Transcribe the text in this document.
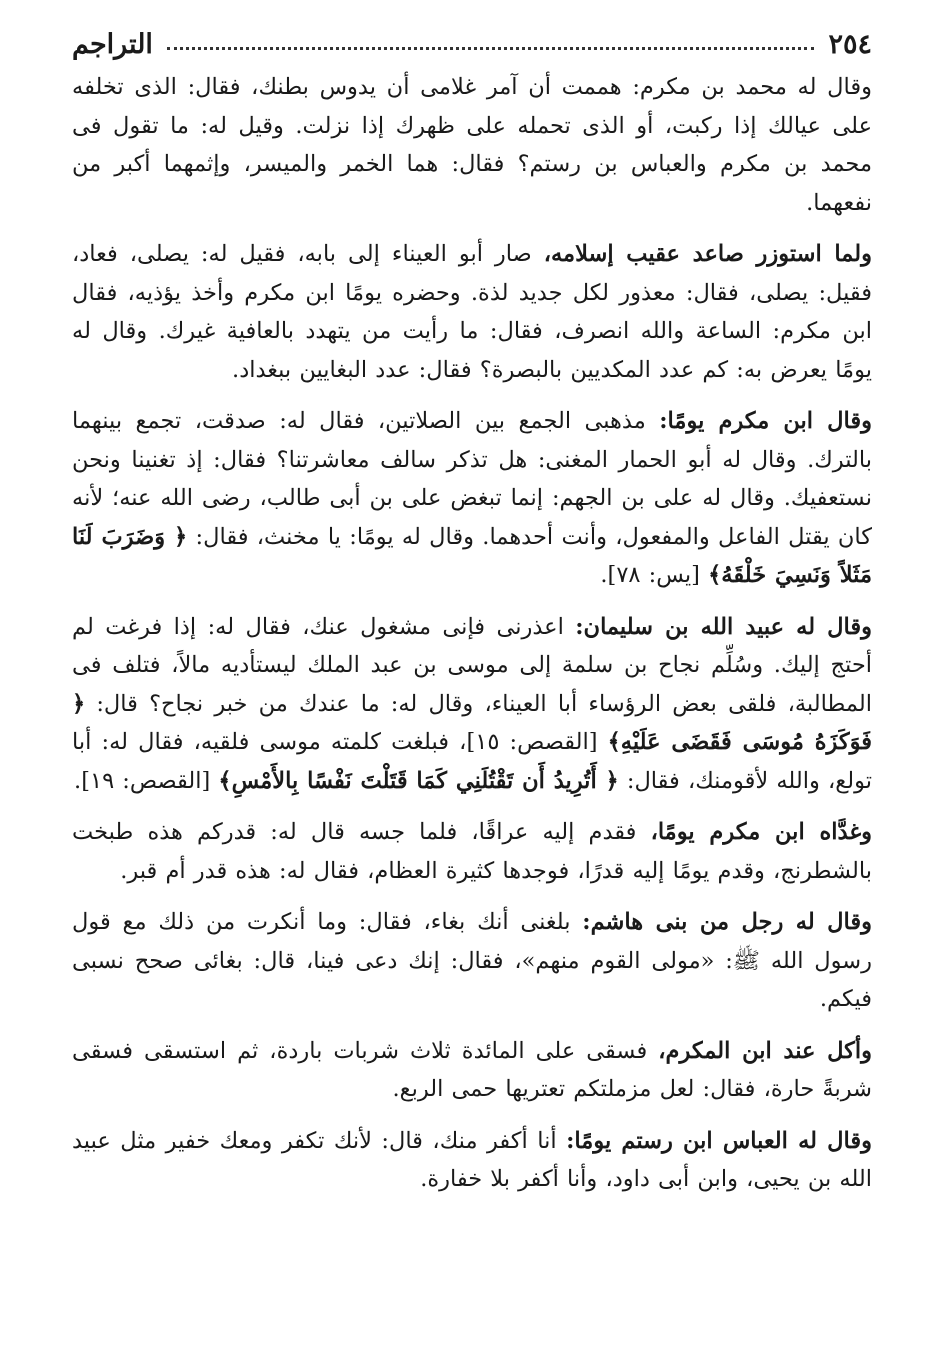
٢٥٤
التراجم

وقال له محمد بن مكرم: هممت أن آمر غلامى أن يدوس بطنك، فقال: الذى تخلفه على عيالك إذا ركبت، أو الذى تحمله على ظهرك إذا نزلت. وقيل له: ما تقول فى محمد بن مكرم والعباس بن رستم؟ فقال: هما الخمر والميسر، وإثمهما أكبر من نفعهما.

ولما استوزر صاعد عقيب إسلامه، صار أبو العيناء إلى بابه، فقيل له: يصلى، فعاد، فقيل: يصلى، فقال: معذور لكل جديد لذة. وحضره يومًا ابن مكرم وأخذ يؤذيه، فقال ابن مكرم: الساعة والله انصرف، فقال: ما رأيت من يتهدد بالعافية غيرك. وقال له يومًا يعرض به: كم عدد المكديين بالبصرة؟ فقال: عدد البغايين ببغداد.

وقال ابن مكرم يومًا: مذهبى الجمع بين الصلاتين، فقال له: صدقت، تجمع بينهما بالترك. وقال له أبو الحمار المغنى: هل تذكر سالف معاشرتنا؟ فقال: إذ تغنينا ونحن نستعفيك. وقال له على بن الجهم: إنما تبغض على بن أبى طالب، رضى الله عنه؛ لأنه كان يقتل الفاعل والمفعول، وأنت أحدهما. وقال له يومًا: يا مخنث، فقال: ﴿ وَضَرَبَ لَنَا مَثَلاً وَنَسِيَ خَلْقَهُ﴾ [يس: ٧٨].

وقال له عبيد الله بن سليمان: اعذرنى فإنى مشغول عنك، فقال له: إذا فرغت لم أحتج إليك. وسُلِّم نجاح بن سلمة إلى موسى بن عبد الملك ليستأديه مالاً، فتلف فى المطالبة، فلقى بعض الرؤساء أبا العيناء، وقال له: ما عندك من خبر نجاح؟ قال: ﴿ فَوَكَزَهُ مُوسَى فَقَضَى عَلَيْهِ﴾ [القصص: ١٥]، فبلغت كلمته موسى فلقيه، فقال له: أبا تولع، والله لأقومنك، فقال: ﴿ أَتُرِيدُ أَن تَقْتُلَنِي كَمَا قَتَلْتَ نَفْسًا بِالأَمْسِ﴾ [القصص: ١٩].

وغدَّاه ابن مكرم يومًا، فقدم إليه عراقًا، فلما جسه قال له: قدركم هذه طبخت بالشطرنج، وقدم يومًا إليه قدرًا، فوجدها كثيرة العظام، فقال له: هذه قدر أم قبر.

وقال له رجل من بنى هاشم: بلغنى أنك بغاء، فقال: وما أنكرت من ذلك مع قول رسول الله ﷺ: «مولى القوم منهم»، فقال: إنك دعى فينا، قال: بغائى صحح نسبى فيكم.

وأكل عند ابن المكرم، فسقى على المائدة ثلاث شربات باردة، ثم استسقى فسقى شربةً حارة، فقال: لعل مزملتكم تعتريها حمى الربع.

وقال له العباس ابن رستم يومًا: أنا أكفر منك، قال: لأنك تكفر ومعك خفير مثل عبيد الله بن يحيى، وابن أبى داود، وأنا أكفر بلا خفارة.
